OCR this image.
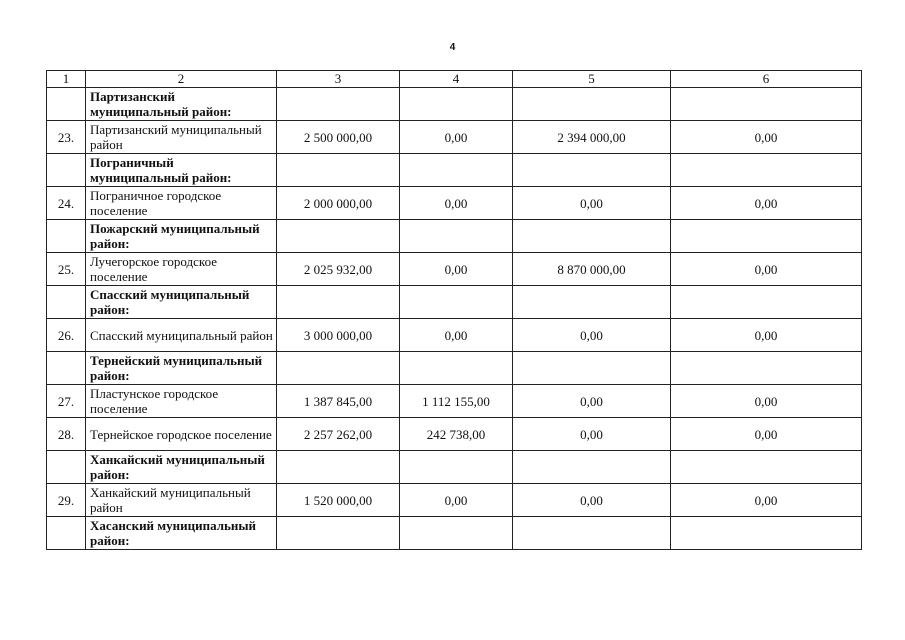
4
1	2	3	4	5	6
	Партизанский муниципальный район:				
23.	Партизанский муниципальный район	2 500 000,00	0,00	2 394 000,00	0,00
	Пограничный муниципальный район:				
24.	Пограничное городское поселение	2 000 000,00	0,00	0,00	0,00
	Пожарский муниципальный район:				
25.	Лучегорское городское поселение	2 025 932,00	0,00	8 870 000,00	0,00
	Спасский муниципальный район:				
26.	Спасский муниципальный район	3 000 000,00	0,00	0,00	0,00
	Тернейский муниципальный район:				
27.	Пластунское городское поселение	1 387 845,00	1 112 155,00	0,00	0,00
28.	Тернейское городское поселение	2 257 262,00	242 738,00	0,00	0,00
	Ханкайский муниципальный район:				
29.	Ханкайский муниципальный район	1 520 000,00	0,00	0,00	0,00
	Хасанский муниципальный район:				
